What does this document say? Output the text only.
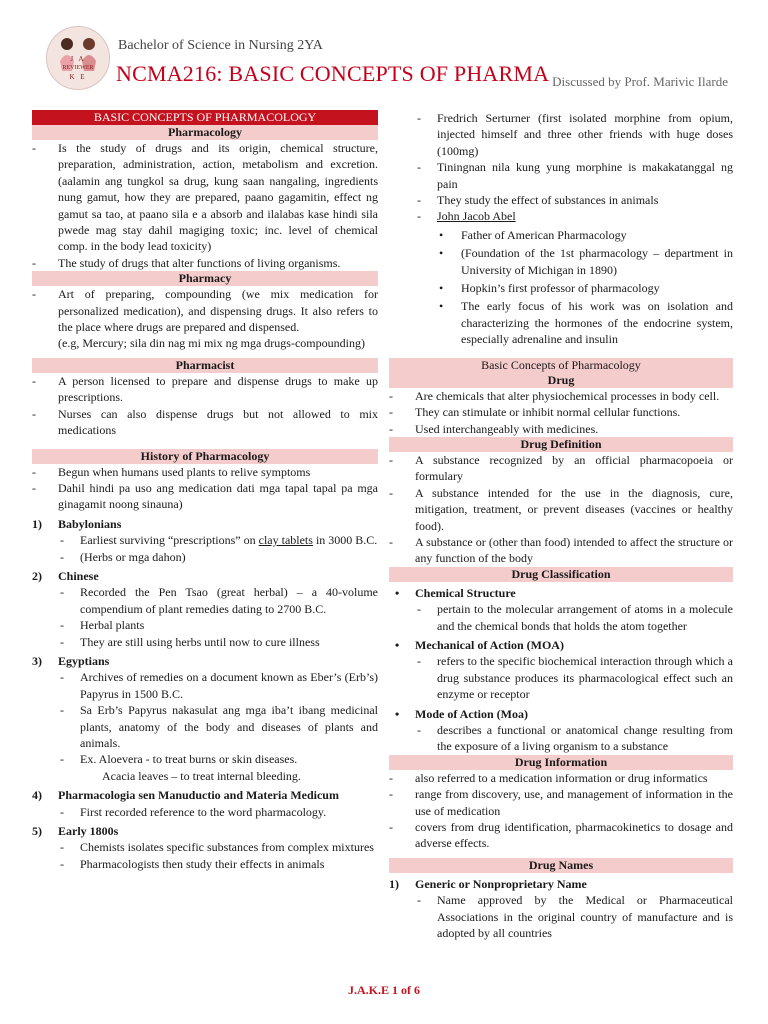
J A
REVIEWER
K E
Bachelor of Science in Nursing 2YA
NCMA216: BASIC CONCEPTS OF PHARMA Discussed by Prof. Marivic Ilarde
BASIC CONCEPTS OF PHARMACOLOGY
Pharmacology
- Is the study of drugs and its origin, chemical structure, preparation, administration, action, metabolism and excretion. (aalamin ang tungkol sa drug, kung saan nangaling, ingredients nung gamut, how they are prepared, paano gagamitin, effect ng gamut sa tao, at paano sila e a absorb and ilalabas kase hindi sila pwede mag stay dahil magiging toxic; inc. level of chemical comp. in the body lead toxicity)
- The study of drugs that alter functions of living organisms.
Pharmacy
- Art of preparing, compounding (we mix medication for personalized medication), and dispensing drugs. It also refers to the place where drugs are prepared and dispensed.
(e.g, Mercury; sila din nag mi mix ng mga drugs-compounding)
Pharmacist
- A person licensed to prepare and dispense drugs to make up prescriptions.
- Nurses can also dispense drugs but not allowed to mix medications
History of Pharmacology
- Begun when humans used plants to relive symptoms
- Dahil hindi pa uso ang medication dati mga tapal tapal pa mga ginagamit noong sinauna)
1) Babylonians
- Earliest surviving “prescriptions” on clay tablets in 3000 B.C.
- (Herbs or mga dahon)
2) Chinese
- Recorded the Pen Tsao (great herbal) – a 40-volume compendium of plant remedies dating to 2700 B.C.
- Herbal plants
- They are still using herbs until now to cure illness
3) Egyptians
- Archives of remedies on a document known as Eber’s (Erb’s) Papyrus in 1500 B.C.
- Sa Erb’s Papyrus nakasulat ang mga iba’t ibang medicinal plants, anatomy of the body and diseases of plants and animals.
- Ex. Aloevera - to treat burns or skin diseases.
Acacia leaves – to treat internal bleeding.
4) Pharmacologia sen Manuductio and Materia Medicum
- First recorded reference to the word pharmacology.
5) Early 1800s
- Chemists isolates specific substances from complex mixtures
- Pharmacologists then study their effects in animals
- Fredrich Serturner (first isolated morphine from opium, injected himself and three other friends with huge doses (100mg)
- Tiningnan nila kung yung morphine is makakatanggal ng pain
- They study the effect of substances in animals
- John Jacob Abel
• Father of American Pharmacology
• (Foundation of the 1st pharmacology – department in University of Michigan in 1890)
• Hopkin’s first professor of pharmacology
• The early focus of his work was on isolation and characterizing the hormones of the endocrine system, especially adrenaline and insulin
Basic Concepts of Pharmacology
Drug
- Are chemicals that alter physiochemical processes in body cell.
- They can stimulate or inhibit normal cellular functions.
- Used interchangeably with medicines.
Drug Definition
- A substance recognized by an official pharmacopoeia or formulary
- A substance intended for the use in the diagnosis, cure, mitigation, treatment, or prevent diseases (vaccines or healthy food).
- A substance or (other than food) intended to affect the structure or any function of the body
Drug Classification
• Chemical Structure
- pertain to the molecular arrangement of atoms in a molecule and the chemical bonds that holds the atom together
• Mechanical of Action (MOA)
- refers to the specific biochemical interaction through which a drug substance produces its pharmacological effect such an enzyme or receptor
• Mode of Action (Moa)
- describes a functional or anatomical change resulting from the exposure of a living organism to a substance
Drug Information
- also referred to a medication information or drug informatics
- range from discovery, use, and management of information in the use of medication
- covers from drug identification, pharmacokinetics to dosage and adverse effects.
Drug Names
1) Generic or Nonproprietary Name
- Name approved by the Medical or Pharmaceutical Associations in the original country of manufacture and is adopted by all countries
J.A.K.E 1 of 6
